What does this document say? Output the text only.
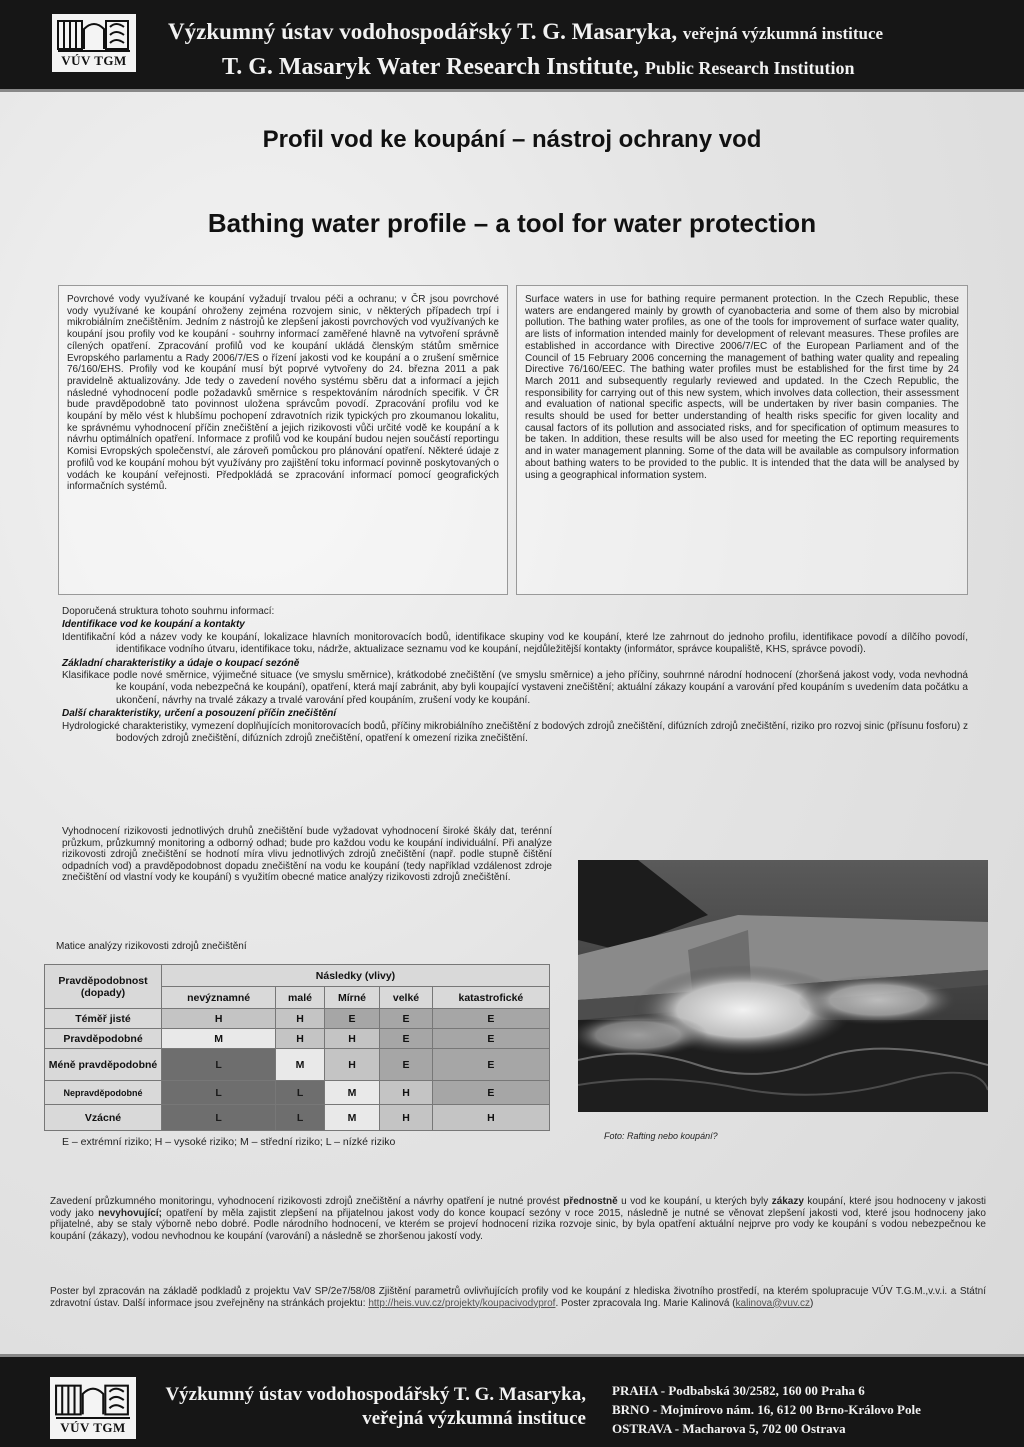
VÚV TGM
Výzkumný ústav vodohospodářský T. G. Masaryka, veřejná výzkumná instituce
T. G. Masaryk Water Research Institute, Public Research Institution
Profil vod ke koupání – nástroj ochrany vod
Bathing water profile – a tool for water protection
Povrchové vody využívané ke koupání vyžadují trvalou péči a ochranu; v ČR jsou povrchové vody využívané ke koupání ohroženy zejména rozvojem sinic, v některých případech trpí i mikrobiálním znečištěním. Jedním z nástrojů ke zlepšení jakosti povrchových vod využívaných ke koupání jsou profily vod ke koupání - souhrny informací zaměřené hlavně na vytvoření správně cílených opatření. Zpracování profilů vod ke koupání ukládá členským státům směrnice Evropského parlamentu a Rady 2006/7/ES o řízení jakosti vod ke koupání a o zrušení směrnice 76/160/EHS. Profily vod ke koupání musí být poprvé vytvořeny do 24. března 2011 a pak pravidelně aktualizovány. Jde tedy o zavedení nového systému sběru dat a informací a jejich následné vyhodnocení podle požadavků směrnice s respektováním národních specifik. V ČR bude pravděpodobně tato povinnost uložena správcům povodí. Zpracování profilu vod ke koupání by mělo vést k hlubšímu pochopení zdravotních rizik typických pro zkoumanou lokalitu, ke správnému vyhodnocení příčin znečištění a jejich rizikovosti vůči určité vodě ke koupání a k návrhu optimálních opatření. Informace z profilů vod ke koupání budou nejen součástí reportingu Komisi Evropských společenství, ale zároveň pomůckou pro plánování opatření. Některé údaje z profilů vod ke koupání mohou být využívány pro zajištění toku informací povinně poskytovaných o vodách ke koupání veřejnosti. Předpokládá se zpracování informací pomocí geografických informačních systémů.
Surface waters in use for bathing require permanent protection. In the Czech Republic, these waters are endangered mainly by growth of cyanobacteria and some of them also by microbial pollution. The bathing water profiles, as one of the tools for improvement of surface water quality, are lists of information intended mainly for development of relevant measures. These profiles are established in accordance with Directive 2006/7/EC of the European Parliament and of the Council of 15 February 2006 concerning the management of bathing water quality and repealing Directive 76/160/EEC. The bathing water profiles must be established for the first time by 24 March 2011 and subsequently regularly reviewed and updated. In the Czech Republic, the responsibility for carrying out of this new system, which involves data collection, their assessment and evaluation of national specific aspects, will be undertaken by river basin companies. The results should be used for better understanding of health risks specific for given locality and causal factors of its pollution and associated risks, and for specification of optimum measures to be taken. In addition, these results will be also used for meeting the EC reporting requirements and in water management planning. Some of the data will be available as compulsory information about bathing waters to be provided to the public. It is intended that the data will be analysed by using a geographical information system.
Doporučená struktura tohoto souhrnu informací:
Identifikace vod ke koupání a kontakty
Identifikační kód a název vody ke koupání, lokalizace hlavních monitorovacích bodů, identifikace skupiny vod ke koupání, které lze zahrnout do jednoho profilu, identifikace povodí a dílčího povodí, identifikace vodního útvaru, identifikace toku, nádrže, aktualizace seznamu vod ke koupání, nejdůležitější kontakty (informátor, správce koupaliště, KHS, správce povodí).
Základní charakteristiky a údaje o koupací sezóně
Klasifikace podle nové směrnice, výjimečné situace (ve smyslu směrnice), krátkodobé znečištění (ve smyslu směrnice) a jeho příčiny, souhrnné národní hodnocení (zhoršená jakost vody, voda nevhodná ke koupání, voda nebezpečná ke koupání), opatření, která mají zabránit, aby byli koupající vystaveni znečištění; aktuální zákazy koupání a varování před koupáním s uvedením data počátku a ukončení, návrhy na trvalé zákazy a trvalé varování před koupáním, zrušení vody ke koupání.
Další charakteristiky, určení a posouzení příčin znečištění
Hydrologické charakteristiky, vymezení doplňujících monitorovacích bodů, příčiny mikrobiálního znečištění z bodových zdrojů znečištění, difúzních zdrojů znečištění, riziko pro rozvoj sinic (přísunu fosforu) z bodových zdrojů znečištění, difúzních zdrojů znečištění, opatření k omezení rizika znečištění.
Vyhodnocení rizikovosti jednotlivých druhů znečištění bude vyžadovat vyhodnocení široké škály dat, terénní průzkum, průzkumný monitoring a odborný odhad; bude pro každou vodu ke koupání individuální. Při analýze rizikovosti zdrojů znečištění se hodnotí míra vlivu jednotlivých zdrojů znečištění (např. podle stupně čištění odpadních vod) a pravděpodobnost dopadu znečištění na vodu ke koupání (tedy například vzdálenost zdroje znečištění od vlastní vody ke koupání) s využitím obecné matice analýzy rizikovosti zdrojů znečištění.
Matice analýzy rizikovosti zdrojů znečištění
Pravděpodobnost (dopady)	Následky (vlivy)				
	nevýznamné	malé	Mírné	velké	katastrofické
Téměř jisté	H	H	E	E	E
Pravděpodobné	M	H	H	E	E
Méně pravděpodobné	L	M	H	E	E
Nepravděpodobné	L	L	M	H	E
Vzácné	L	L	M	H	H
E – extrémní riziko; H – vysoké riziko; M – střední riziko; L – nízké riziko	Foto: Rafting nebo koupání?
Zavedení průzkumného monitoringu, vyhodnocení rizikovosti zdrojů znečištění a návrhy opatření je nutné provést přednostně u vod ke koupání, u kterých byly zákazy koupání, které jsou hodnoceny v jakosti vody jako nevyhovující; opatření by měla zajistit zlepšení na přijatelnou jakost vody do konce koupací sezóny v roce 2015, následně je nutné se věnovat zlepšení jakosti vod, které jsou hodnoceny jako přijatelné, aby se staly výborně nebo dobré. Podle národního hodnocení, ve kterém se projeví hodnocení rizika rozvoje sinic, by byla opatření aktuální nejprve pro vody ke koupání s vodou nebezpečnou ke koupání (zákazy), vodou nevhodnou ke koupání (varování) a následně se zhoršenou jakostí vody.
Poster byl zpracován na základě podkladů z projektu VaV SP/2e7/58/08 Zjištění parametrů ovlivňujících profily vod ke koupání z hlediska životního prostředí, na kterém spolupracuje VÚV T.G.M.,v.v.i. a Státní zdravotní ústav. Další informace jsou zveřejněny na stránkách projektu: http://heis.vuv.cz/projekty/koupacivodyprof. Poster zpracovala Ing. Marie Kalinová (kalinova@vuv.cz)
VÚV TGM
Výzkumný ústav vodohospodářský T. G. Masaryka,
veřejná výzkumná instituce
PRAHA - Podbabská 30/2582, 160 00 Praha 6
BRNO - Mojmírovo nám. 16, 612 00 Brno-Královo Pole
OSTRAVA - Macharova 5, 702 00 Ostrava
